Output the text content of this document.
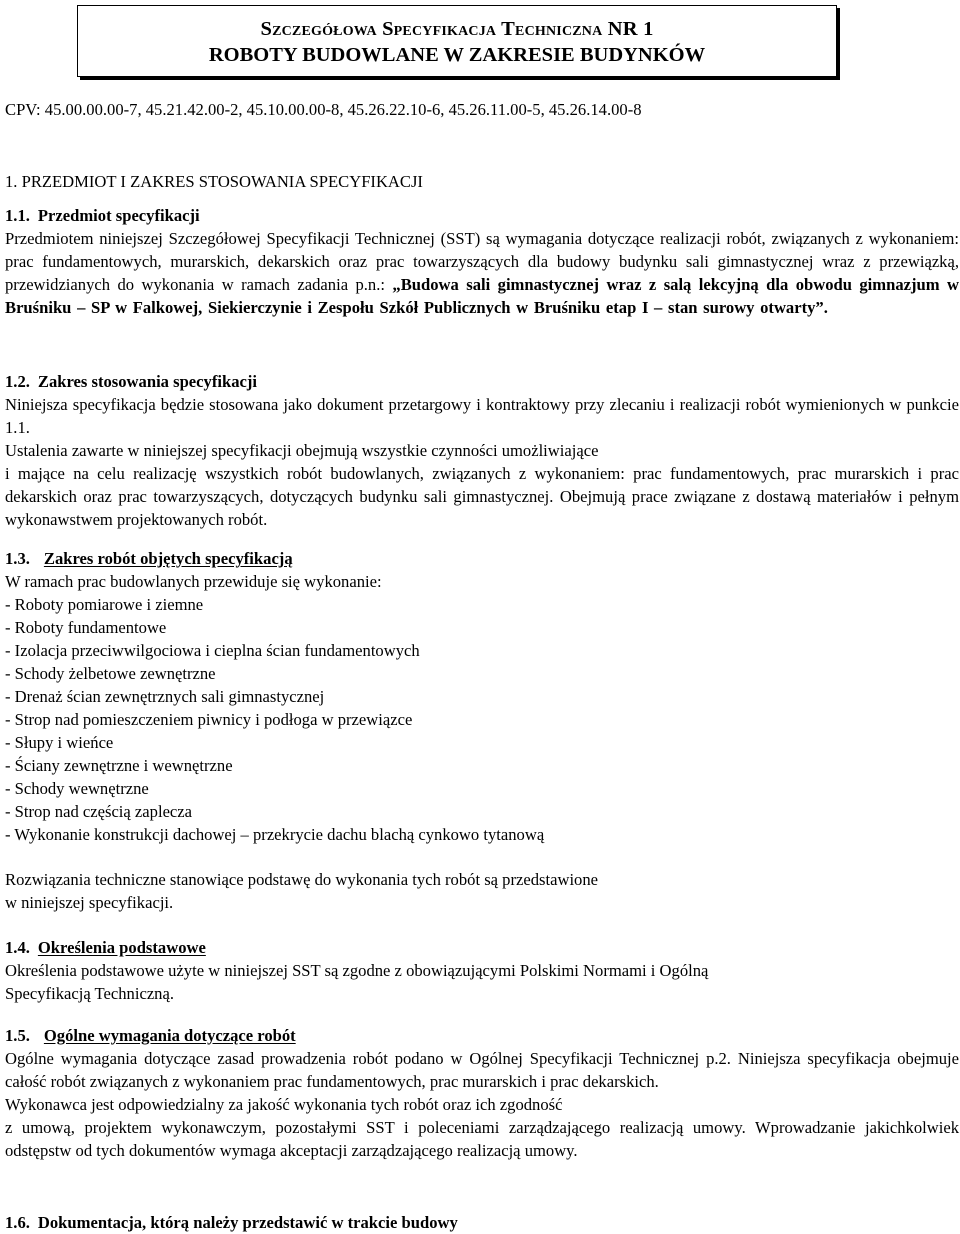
Szczegółowa Specyfikacja Techniczna NR 1
ROBOTY BUDOWLANE W ZAKRESIE BUDYNKÓW
CPV: 45.00.00.00-7, 45.21.42.00-2, 45.10.00.00-8, 45.26.22.10-6, 45.26.11.00-5, 45.26.14.00-8
1. PRZEDMIOT I ZAKRES STOSOWANIA SPECYFIKACJI
1.1. Przedmiot specyfikacji

Przedmiotem niniejszej Szczegółowej Specyfikacji Technicznej (SST) są wymagania dotyczące realizacji robót, związanych z wykonaniem: prac fundamentowych, murarskich, dekarskich oraz prac towarzyszących dla budowy budynku sali gimnastycznej wraz z przewiązką, przewidzianych do wykonania w ramach zadania p.n.: „Budowa sali gimnastycznej wraz z salą lekcyjną dla obwodu gimnazjum w Bruśniku – SP w Falkowej, Siekierczynie i Zespołu Szkół Publicznych w Bruśniku etap I – stan surowy otwarty”.

1.2. Zakres stosowania specyfikacji

Niniejsza specyfikacja będzie stosowana jako dokument przetargowy i kontraktowy przy zlecaniu i realizacji robót wymienionych w punkcie 1.1.

Ustalenia zawarte w niniejszej specyfikacji obejmują wszystkie czynności umożliwiające

i mające na celu realizację wszystkich robót budowlanych, związanych z wykonaniem: prac fundamentowych, prac murarskich i prac dekarskich oraz prac towarzyszących, dotyczących budynku sali gimnastycznej. Obejmują prace związane z dostawą materiałów i pełnym wykonawstwem projektowanych robót.

1.3. Zakres robót objętych specyfikacją

W ramach prac budowlanych przewiduje się wykonanie:

- Roboty pomiarowe i ziemne
- Roboty fundamentowe
- Izolacja przeciwwilgociowa i cieplna ścian fundamentowych
- Schody żelbetowe zewnętrzne
- Drenaż ścian zewnętrznych sali gimnastycznej
- Strop nad pomieszczeniem piwnicy i podłoga w przewiązce
- Słupy i wieńce
- Ściany zewnętrzne i wewnętrzne
- Schody wewnętrzne
- Strop nad częścią zaplecza
- Wykonanie konstrukcji dachowej – przekrycie dachu blachą cynkowo tytanową

Rozwiązania techniczne stanowiące podstawę do wykonania tych robót są przedstawione

w niniejszej specyfikacji.

1.4. Określenia podstawowe

Określenia podstawowe użyte w niniejszej SST są zgodne z obowiązującymi Polskimi Normami i Ogólną

Specyfikacją Techniczną.

1.5. Ogólne wymagania dotyczące robót

Ogólne wymagania dotyczące zasad prowadzenia robót podano w Ogólnej Specyfikacji Technicznej p.2. Niniejsza specyfikacja obejmuje całość robót związanych z wykonaniem prac fundamentowych, prac murarskich i prac dekarskich.

Wykonawca jest odpowiedzialny za jakość wykonania tych robót oraz ich zgodność

z umową, projektem wykonawczym, pozostałymi SST i poleceniami zarządzającego realizacją umowy. Wprowadzanie jakichkolwiek odstępstw od tych dokumentów wymaga akceptacji zarządzającego realizacją umowy.

1.6. Dokumentacja, którą należy przedstawić w trakcie budowy
